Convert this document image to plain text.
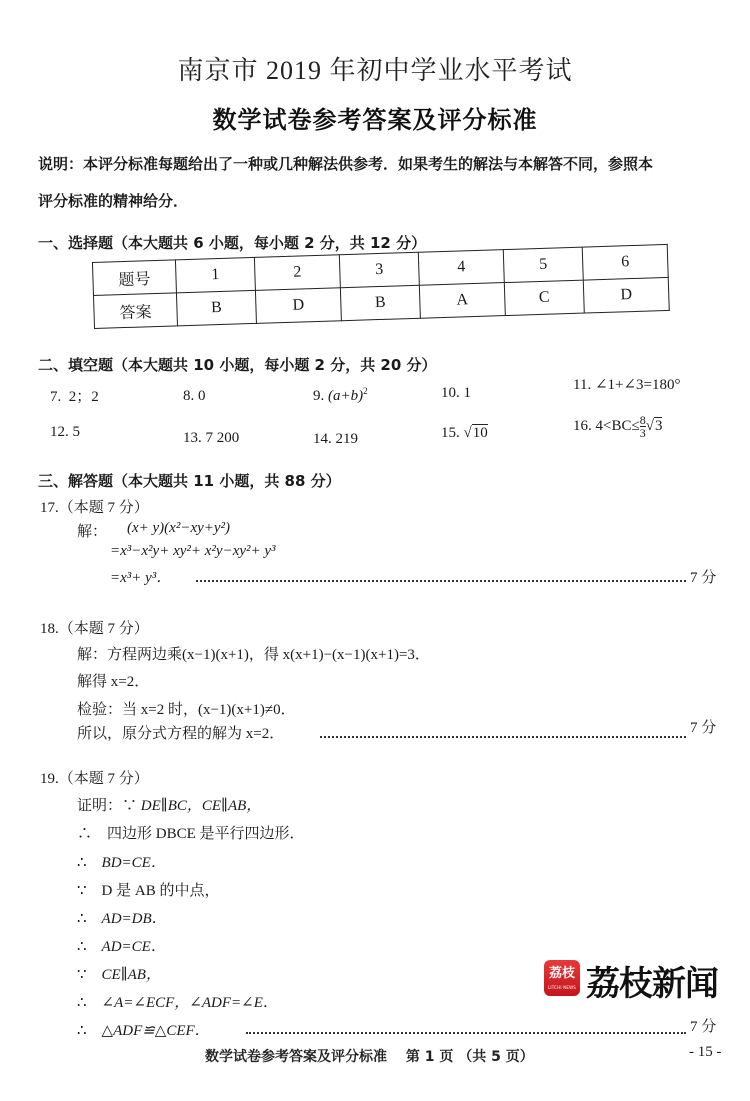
南京市 2019 年初中学业水平考试
数学试卷参考答案及评分标准
说明：本评分标准每题给出了一种或几种解法供参考．如果考生的解法与本解答不同，参照本
评分标准的精神给分．
一、选择题（本大题共 6 小题，每小题 2 分，共 12 分）
题号	1	2	3	4	5	6
答案	B	D	B	A	C	D
二、填空题（本大题共 10 小题，每小题 2 分，共 20 分）
7. 2；2	8. 0	9. $(a+b)^2$	10. 1	11. ∠1+∠3=180°
12. 5	13. 7 200	14. 219	15. √10	16. $4<BC\le \frac{8}{3} √3$
三、解答题（本大题共 11 小题，共 88 分）
17.（本题 7 分）
解： (x+ y)(x²−xy+y²)
=x³−x²y+ xy²+ x²y−xy²+ y³
=x³+ y³．	7 分
18.（本题 7 分）
解：方程两边乘(x−1)(x+1)，得 x(x+1)−(x−1)(x+1)=3．
解得 x=2．
检验：当 x=2 时，(x−1)(x+1)≠0．
所以，原分式方程的解为 x=2．	7 分
19.（本题 7 分）
证明：∵ DE∥BC，CE∥AB，
∴ 四边形 DBCE 是平行四边形．
∴ BD=CE．
∵ D 是 AB 的中点，
∴ AD=DB．
∴ AD=CE．
∵ CE∥AB，
∴ ∠A=∠ECF，∠ADF=∠E．
∴ △ADF≌△CEF．	7 分
荔枝
LITCHI NEWS 荔枝新闻
数学试卷参考答案及评分标准　 第 1 页 （共 5 页）	- 15 -
